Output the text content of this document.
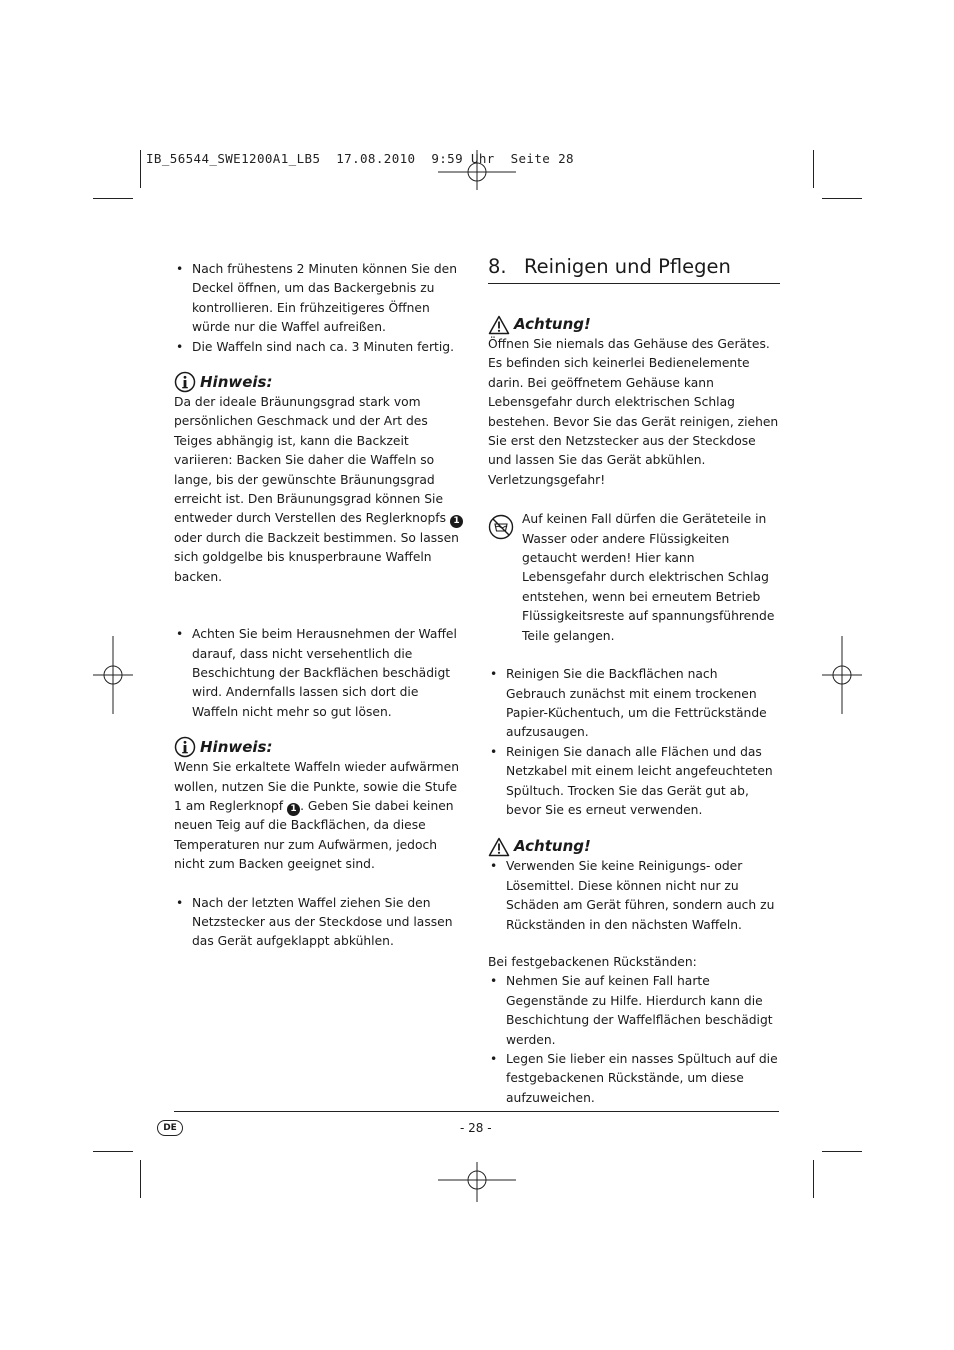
IB_56544_SWE1200A1_LB5  17.08.2010  9:59 Uhr  Seite 28
• Nach frühestens 2 Minuten können Sie den Deckel öffnen, um das Backergebnis zu kontrollieren. Ein frühzeitigeres Öffnen würde nur die Waffel aufreißen.
• Die Waffeln sind nach ca. 3 Minuten fertig.
Hinweis:
Da der ideale Bräunungsgrad stark vom persönlichen Geschmack und der Art des Teiges abhängig ist, kann die Backzeit variieren: Backen Sie daher die Waffeln so lange, bis der gewünschte Bräunungsgrad erreicht ist. Den Bräunungsgrad können Sie entweder durch Verstellen des Reglerknopfs 1 oder durch die Backzeit bestimmen. So lassen sich goldgelbe bis knusperbraune Waffeln backen.
• Achten Sie beim Herausnehmen der Waffel darauf, dass nicht versehentlich die Beschichtung der Backflächen beschädigt wird. Andernfalls lassen sich dort die Waffeln nicht mehr so gut lösen.
Hinweis:
Wenn Sie erkaltete Waffeln wieder aufwärmen wollen, nutzen Sie die Punkte, sowie die Stufe 1 am Reglerknopf 1 . Geben Sie dabei keinen neuen Teig auf die Backflächen, da diese Temperaturen nur zum Aufwärmen, jedoch nicht zum Backen geeignet sind.
• Nach der letzten Waffel ziehen Sie den Netzstecker aus der Steckdose und lassen das Gerät aufgeklappt abkühlen.
8. Reinigen und Pflegen
Achtung!
Öffnen Sie niemals das Gehäuse des Gerätes. Es befinden sich keinerlei Bedienelemente darin. Bei geöffnetem Gehäuse kann Lebensgefahr durch elektrischen Schlag bestehen. Bevor Sie das Gerät reinigen, ziehen Sie erst den Netzstecker aus der Steckdose und lassen Sie das Gerät abkühlen. Verletzungsgefahr!
Auf keinen Fall dürfen die Geräteteile in Wasser oder andere Flüssigkeiten getaucht werden! Hier kann Lebensgefahr durch elektrischen Schlag entstehen, wenn bei erneutem Betrieb Flüssigkeitsreste auf spannungsführende Teile gelangen.
• Reinigen Sie die Backflächen nach Gebrauch zunächst mit einem trockenen Papier-Küchentuch, um die Fettrückstände aufzusaugen.
• Reinigen Sie danach alle Flächen und das Netzkabel mit einem leicht angefeuchteten Spültuch. Trocken Sie das Gerät gut ab, bevor Sie es erneut verwenden.
Achtung!
• Verwenden Sie keine Reinigungs- oder Lösemittel. Diese können nicht nur zu Schäden am Gerät führen, sondern auch zu Rückständen in den nächsten Waffeln.
Bei festgebackenen Rückständen:
• Nehmen Sie auf keinen Fall harte Gegenstände zu Hilfe. Hierdurch kann die Beschichtung der Waffelflächen beschädigt werden.
• Legen Sie lieber ein nasses Spültuch auf die festgebackenen Rückstände, um diese aufzuweichen.
DE	- 28 -
